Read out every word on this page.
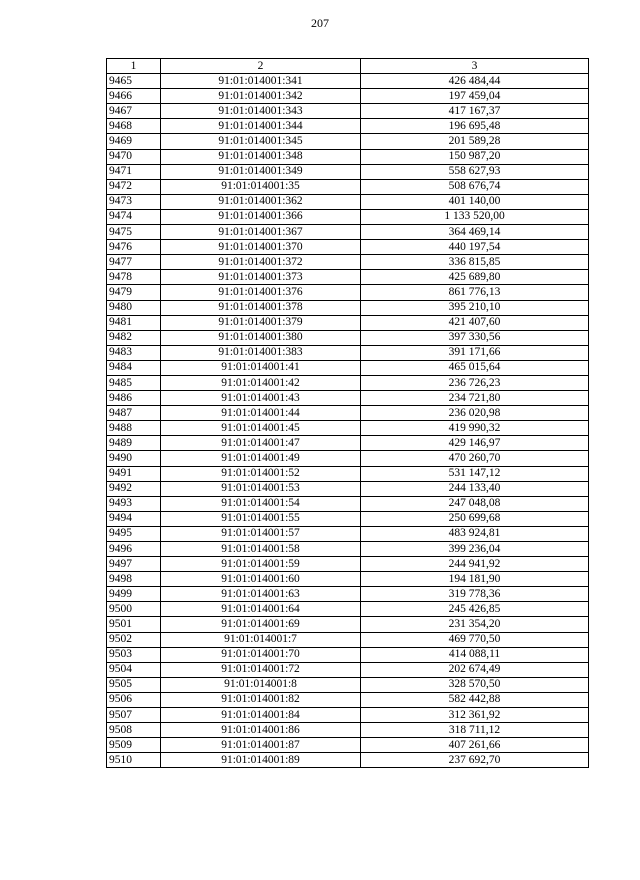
207
1	2	3
9465	91:01:014001:341	426 484,44
9466	91:01:014001:342	197 459,04
9467	91:01:014001:343	417 167,37
9468	91:01:014001:344	196 695,48
9469	91:01:014001:345	201 589,28
9470	91:01:014001:348	150 987,20
9471	91:01:014001:349	558 627,93
9472	91:01:014001:35	508 676,74
9473	91:01:014001:362	401 140,00
9474	91:01:014001:366	1 133 520,00
9475	91:01:014001:367	364 469,14
9476	91:01:014001:370	440 197,54
9477	91:01:014001:372	336 815,85
9478	91:01:014001:373	425 689,80
9479	91:01:014001:376	861 776,13
9480	91:01:014001:378	395 210,10
9481	91:01:014001:379	421 407,60
9482	91:01:014001:380	397 330,56
9483	91:01:014001:383	391 171,66
9484	91:01:014001:41	465 015,64
9485	91:01:014001:42	236 726,23
9486	91:01:014001:43	234 721,80
9487	91:01:014001:44	236 020,98
9488	91:01:014001:45	419 990,32
9489	91:01:014001:47	429 146,97
9490	91:01:014001:49	470 260,70
9491	91:01:014001:52	531 147,12
9492	91:01:014001:53	244 133,40
9493	91:01:014001:54	247 048,08
9494	91:01:014001:55	250 699,68
9495	91:01:014001:57	483 924,81
9496	91:01:014001:58	399 236,04
9497	91:01:014001:59	244 941,92
9498	91:01:014001:60	194 181,90
9499	91:01:014001:63	319 778,36
9500	91:01:014001:64	245 426,85
9501	91:01:014001:69	231 354,20
9502	91:01:014001:7	469 770,50
9503	91:01:014001:70	414 088,11
9504	91:01:014001:72	202 674,49
9505	91:01:014001:8	328 570,50
9506	91:01:014001:82	582 442,88
9507	91:01:014001:84	312 361,92
9508	91:01:014001:86	318 711,12
9509	91:01:014001:87	407 261,66
9510	91:01:014001:89	237 692,70
